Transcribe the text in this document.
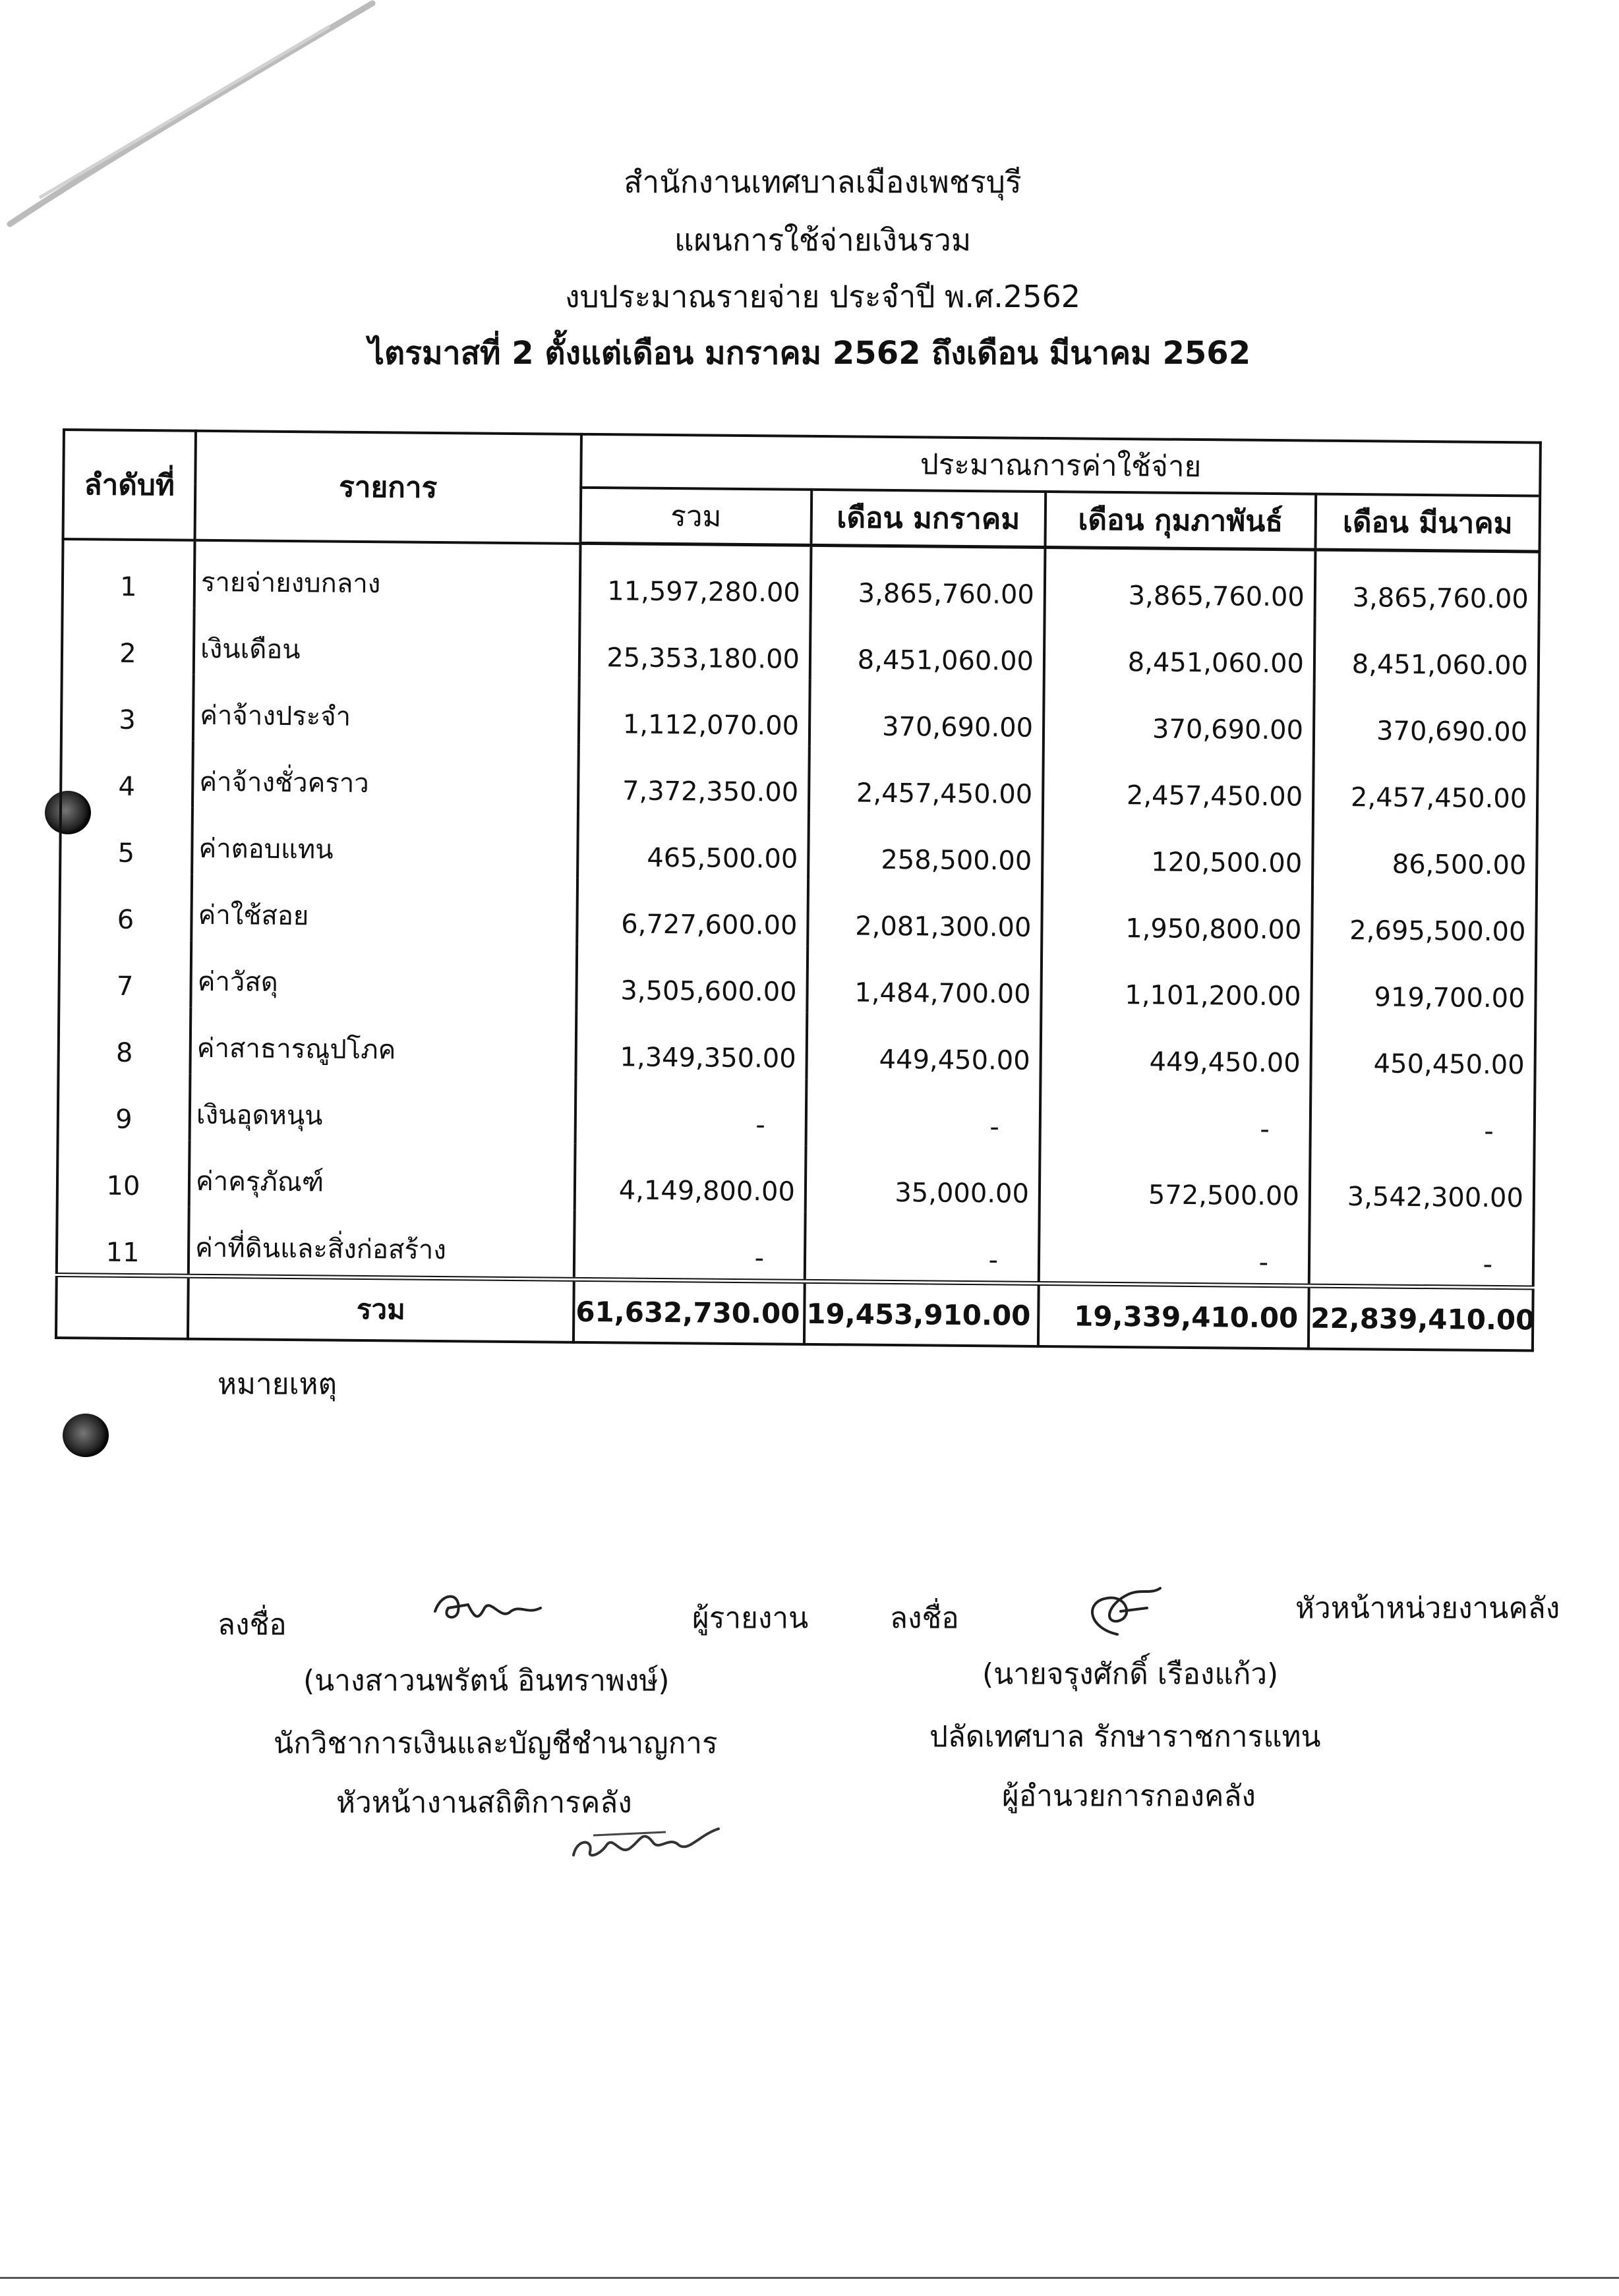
สำนักงานเทศบาลเมืองเพชรบุรี
แผนการใช้จ่ายเงินรวม
งบประมาณรายจ่าย ประจำปี พ.ศ.2562
ไตรมาสที่ 2 ตั้งแต่เดือน มกราคม 2562 ถึงเดือน มีนาคม 2562
ลำดับที่	รายการ	ประมาณการค่าใช้จ่าย			
		รวม	เดือน มกราคม	เดือน กุมภาพันธ์	เดือน มีนาคม
1	รายจ่ายงบกลาง	11,597,280.00	3,865,760.00	3,865,760.00	3,865,760.00
2	เงินเดือน	25,353,180.00	8,451,060.00	8,451,060.00	8,451,060.00
3	ค่าจ้างประจำ	1,112,070.00	370,690.00	370,690.00	370,690.00
4	ค่าจ้างชั่วคราว	7,372,350.00	2,457,450.00	2,457,450.00	2,457,450.00
5	ค่าตอบแทน	465,500.00	258,500.00	120,500.00	86,500.00
6	ค่าใช้สอย	6,727,600.00	2,081,300.00	1,950,800.00	2,695,500.00
7	ค่าวัสดุ	3,505,600.00	1,484,700.00	1,101,200.00	919,700.00
8	ค่าสาธารณูปโภค	1,349,350.00	449,450.00	449,450.00	450,450.00
9	เงินอุดหนุน	-	-	-	-
10	ค่าครุภัณฑ์	4,149,800.00	35,000.00	572,500.00	3,542,300.00
11	ค่าที่ดินและสิ่งก่อสร้าง	-	-	-	-
	รวม	61,632,730.00	19,453,910.00	19,339,410.00	22,839,410.00
หมายเหตุ
ลงชื่อ	ผู้รายงาน
(นางสาวนพรัตน์ อินทราพงษ์)
นักวิชาการเงินและบัญชีชำนาญการ
หัวหน้างานสถิติการคลัง
ลงชื่อ	หัวหน้าหน่วยงานคลัง
(นายจรุงศักดิ์ เรืองแก้ว)
ปลัดเทศบาล รักษาราชการแทน
ผู้อำนวยการกองคลัง
